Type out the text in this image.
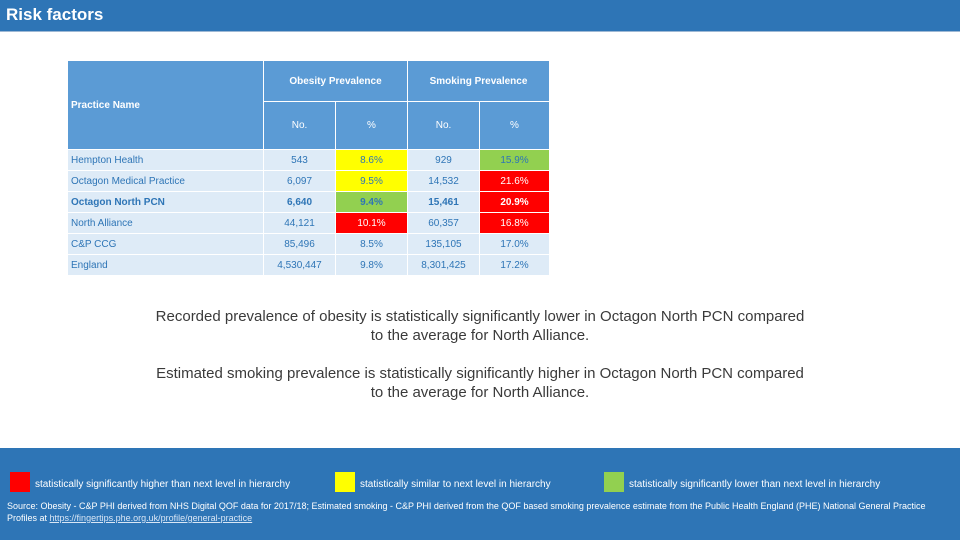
Risk factors
Practice Name	Obesity Prevalence		Smoking Prevalence	
	No.	%	No.	%
Hempton Health	543	8.6%	929	15.9%
Octagon Medical Practice	6,097	9.5%	14,532	21.6%
Octagon North PCN	6,640	9.4%	15,461	20.9%
North Alliance	44,121	10.1%	60,357	16.8%
C&P CCG	85,496	8.5%	135,105	17.0%
England	4,530,447	9.8%	8,301,425	17.2%

Recorded prevalence of obesity is statistically significantly lower in Octagon North PCN compared to the average for North Alliance.

Estimated smoking prevalence is statistically significantly higher in Octagon North PCN compared to the average for North Alliance.

statistically significantly higher than next level in hierarchy	statistically similar to next level in hierarchy	statistically significantly lower than next level in hierarchy
Source: Obesity - C&P PHI derived from NHS Digital QOF data for 2017/18; Estimated smoking - C&P PHI derived from the QOF based smoking prevalence estimate from the Public Health England (PHE) National General Practice Profiles at https://fingertips.phe.org.uk/profile/general-practice
